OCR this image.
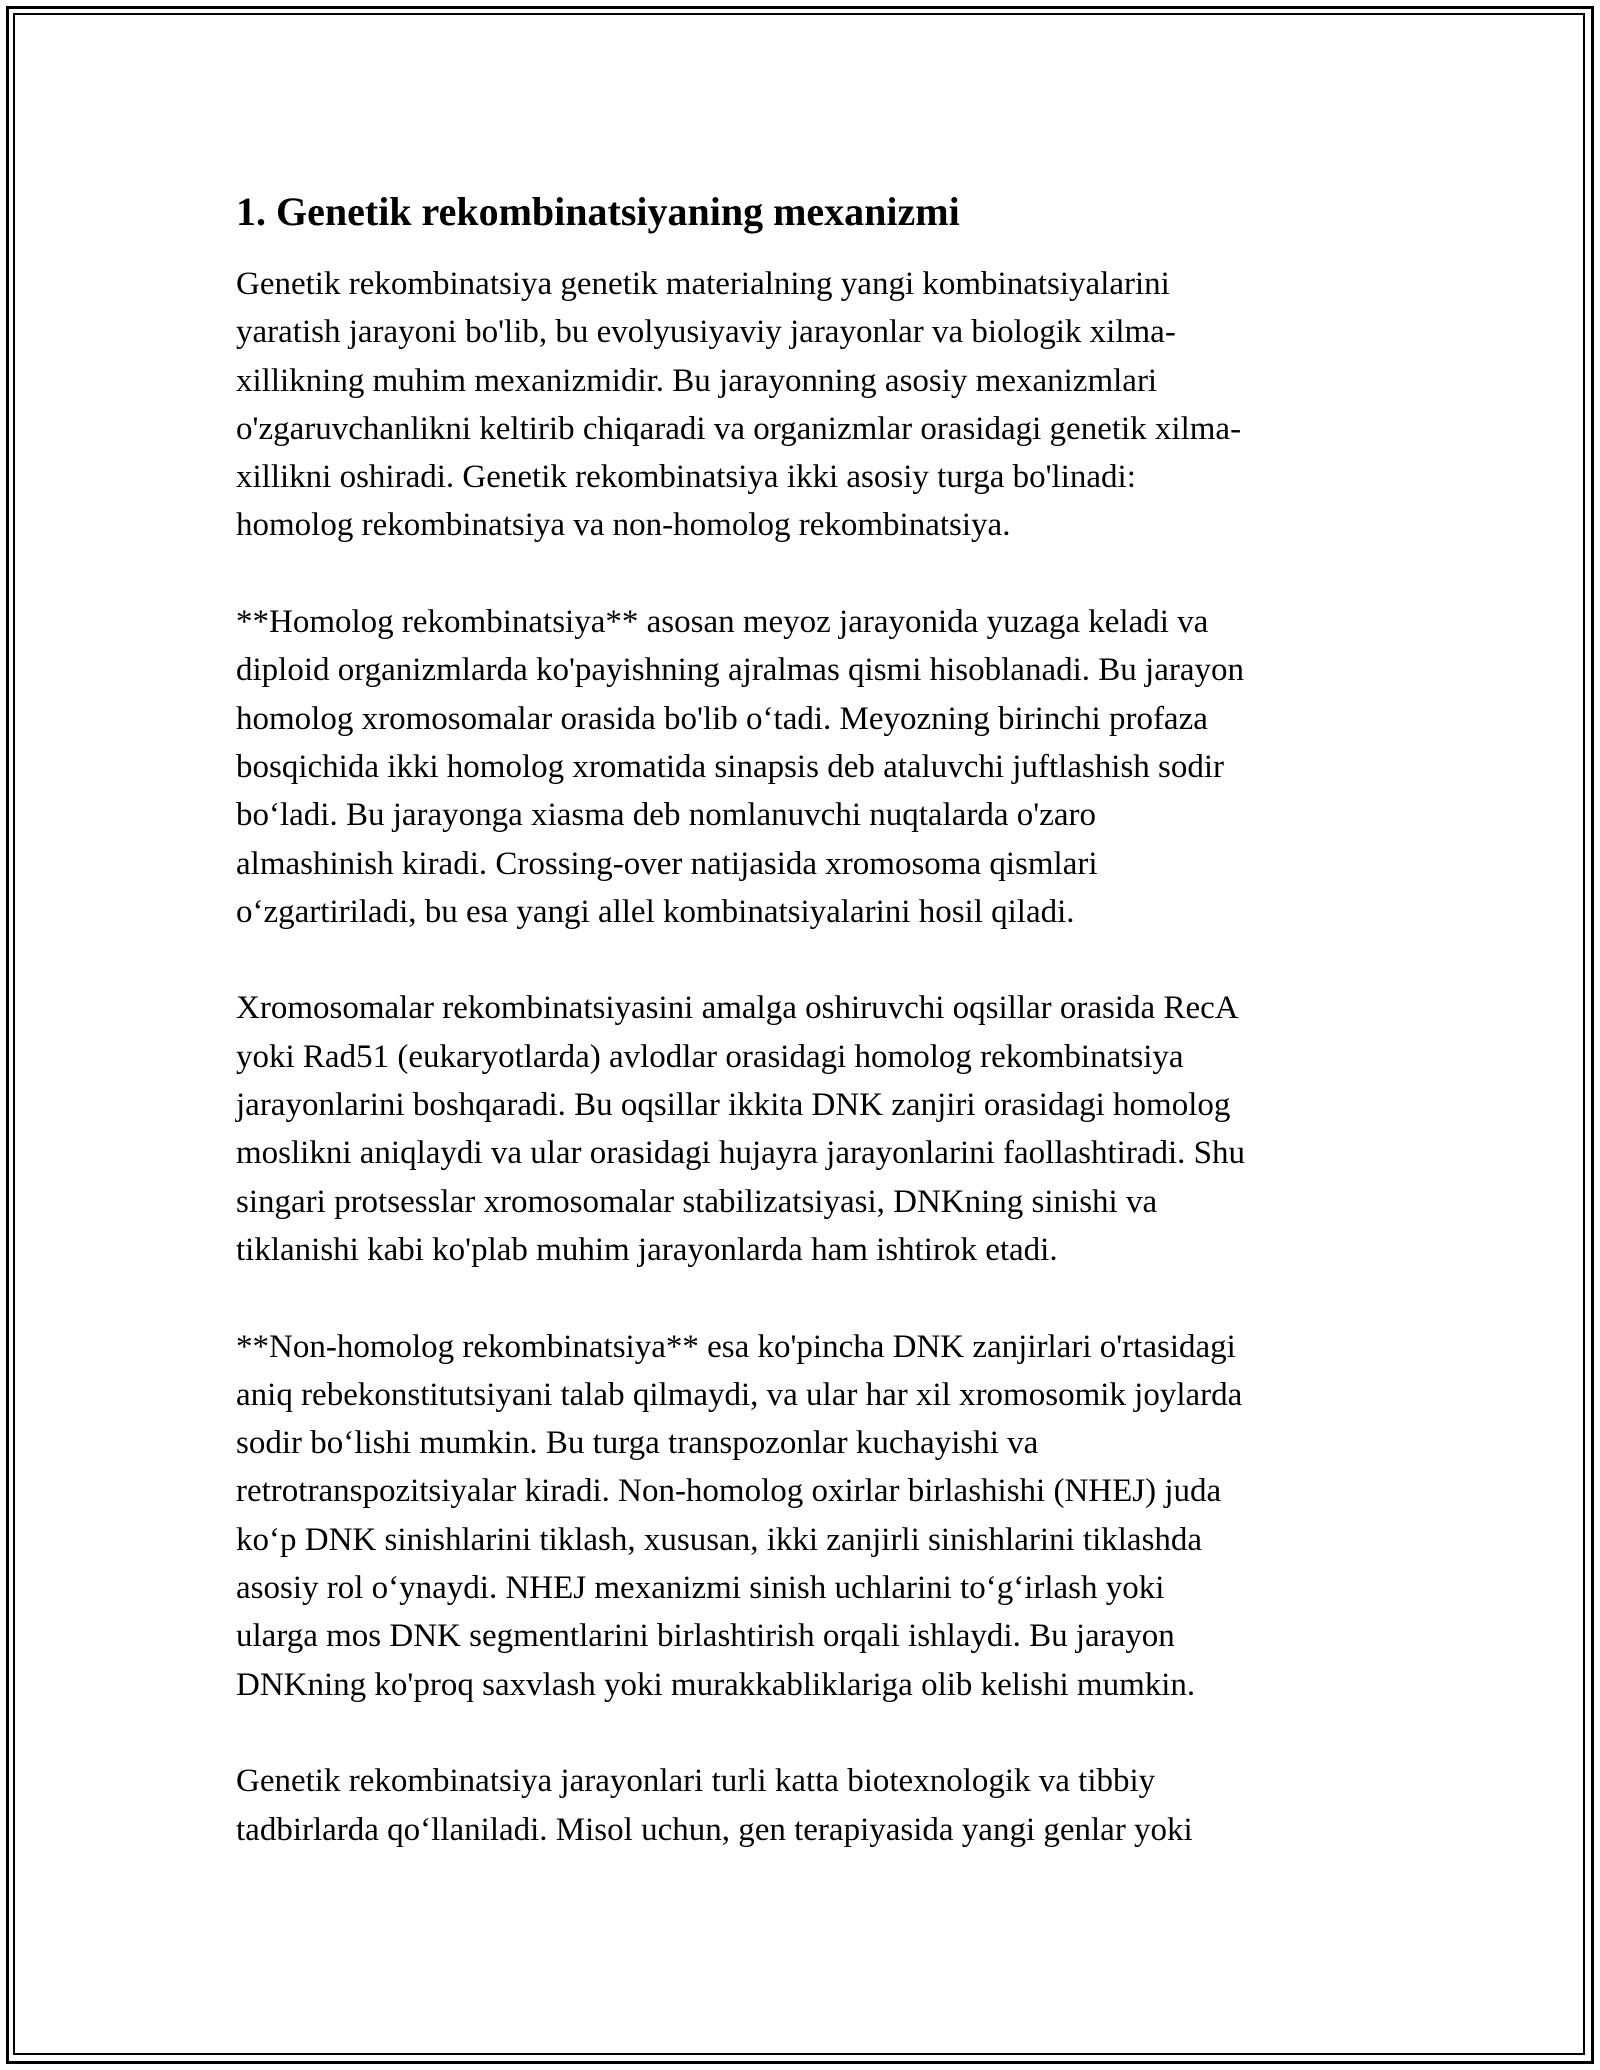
1. Genetik rekombinatsiyaning mexanizmi
Genetik rekombinatsiya genetik materialning yangi kombinatsiyalarini
yaratish jarayoni bo'lib, bu evolyusiyaviy jarayonlar va biologik xilma-
xillikning muhim mexanizmidir. Bu jarayonning asosiy mexanizmlari
o'zgaruvchanlikni keltirib chiqaradi va organizmlar orasidagi genetik xilma-
xillikni oshiradi. Genetik rekombinatsiya ikki asosiy turga bo'linadi:
homolog rekombinatsiya va non-homolog rekombinatsiya.
**Homolog rekombinatsiya** asosan meyoz jarayonida yuzaga keladi va
diploid organizmlarda ko'payishning ajralmas qismi hisoblanadi. Bu jarayon
homolog xromosomalar orasida bo'lib o‘tadi. Meyozning birinchi profaza
bosqichida ikki homolog xromatida sinapsis deb ataluvchi juftlashish sodir
bo‘ladi. Bu jarayonga xiasma deb nomlanuvchi nuqtalarda o'zaro
almashinish kiradi. Crossing-over natijasida xromosoma qismlari
o‘zgartiriladi, bu esa yangi allel kombinatsiyalarini hosil qiladi.
Xromosomalar rekombinatsiyasini amalga oshiruvchi oqsillar orasida RecA
yoki Rad51 (eukaryotlarda) avlodlar orasidagi homolog rekombinatsiya
jarayonlarini boshqaradi. Bu oqsillar ikkita DNK zanjiri orasidagi homolog
moslikni aniqlaydi va ular orasidagi hujayra jarayonlarini faollashtiradi. Shu
singari protsesslar xromosomalar stabilizatsiyasi, DNKning sinishi va
tiklanishi kabi ko'plab muhim jarayonlarda ham ishtirok etadi.
**Non-homolog rekombinatsiya** esa ko'pincha DNK zanjirlari o'rtasidagi
aniq rebekonstitutsiyani talab qilmaydi, va ular har xil xromosomik joylarda
sodir bo‘lishi mumkin. Bu turga transpozonlar kuchayishi va
retrotranspozitsiyalar kiradi. Non-homolog oxirlar birlashishi (NHEJ) juda
ko‘p DNK sinishlarini tiklash, xususan, ikki zanjirli sinishlarini tiklashda
asosiy rol o‘ynaydi. NHEJ mexanizmi sinish uchlarini to‘g‘irlash yoki
ularga mos DNK segmentlarini birlashtirish orqali ishlaydi. Bu jarayon
DNKning ko'proq saxvlash yoki murakkabliklariga olib kelishi mumkin.
Genetik rekombinatsiya jarayonlari turli katta biotexnologik va tibbiy
tadbirlarda qo‘llaniladi. Misol uchun, gen terapiyasida yangi genlar yoki
